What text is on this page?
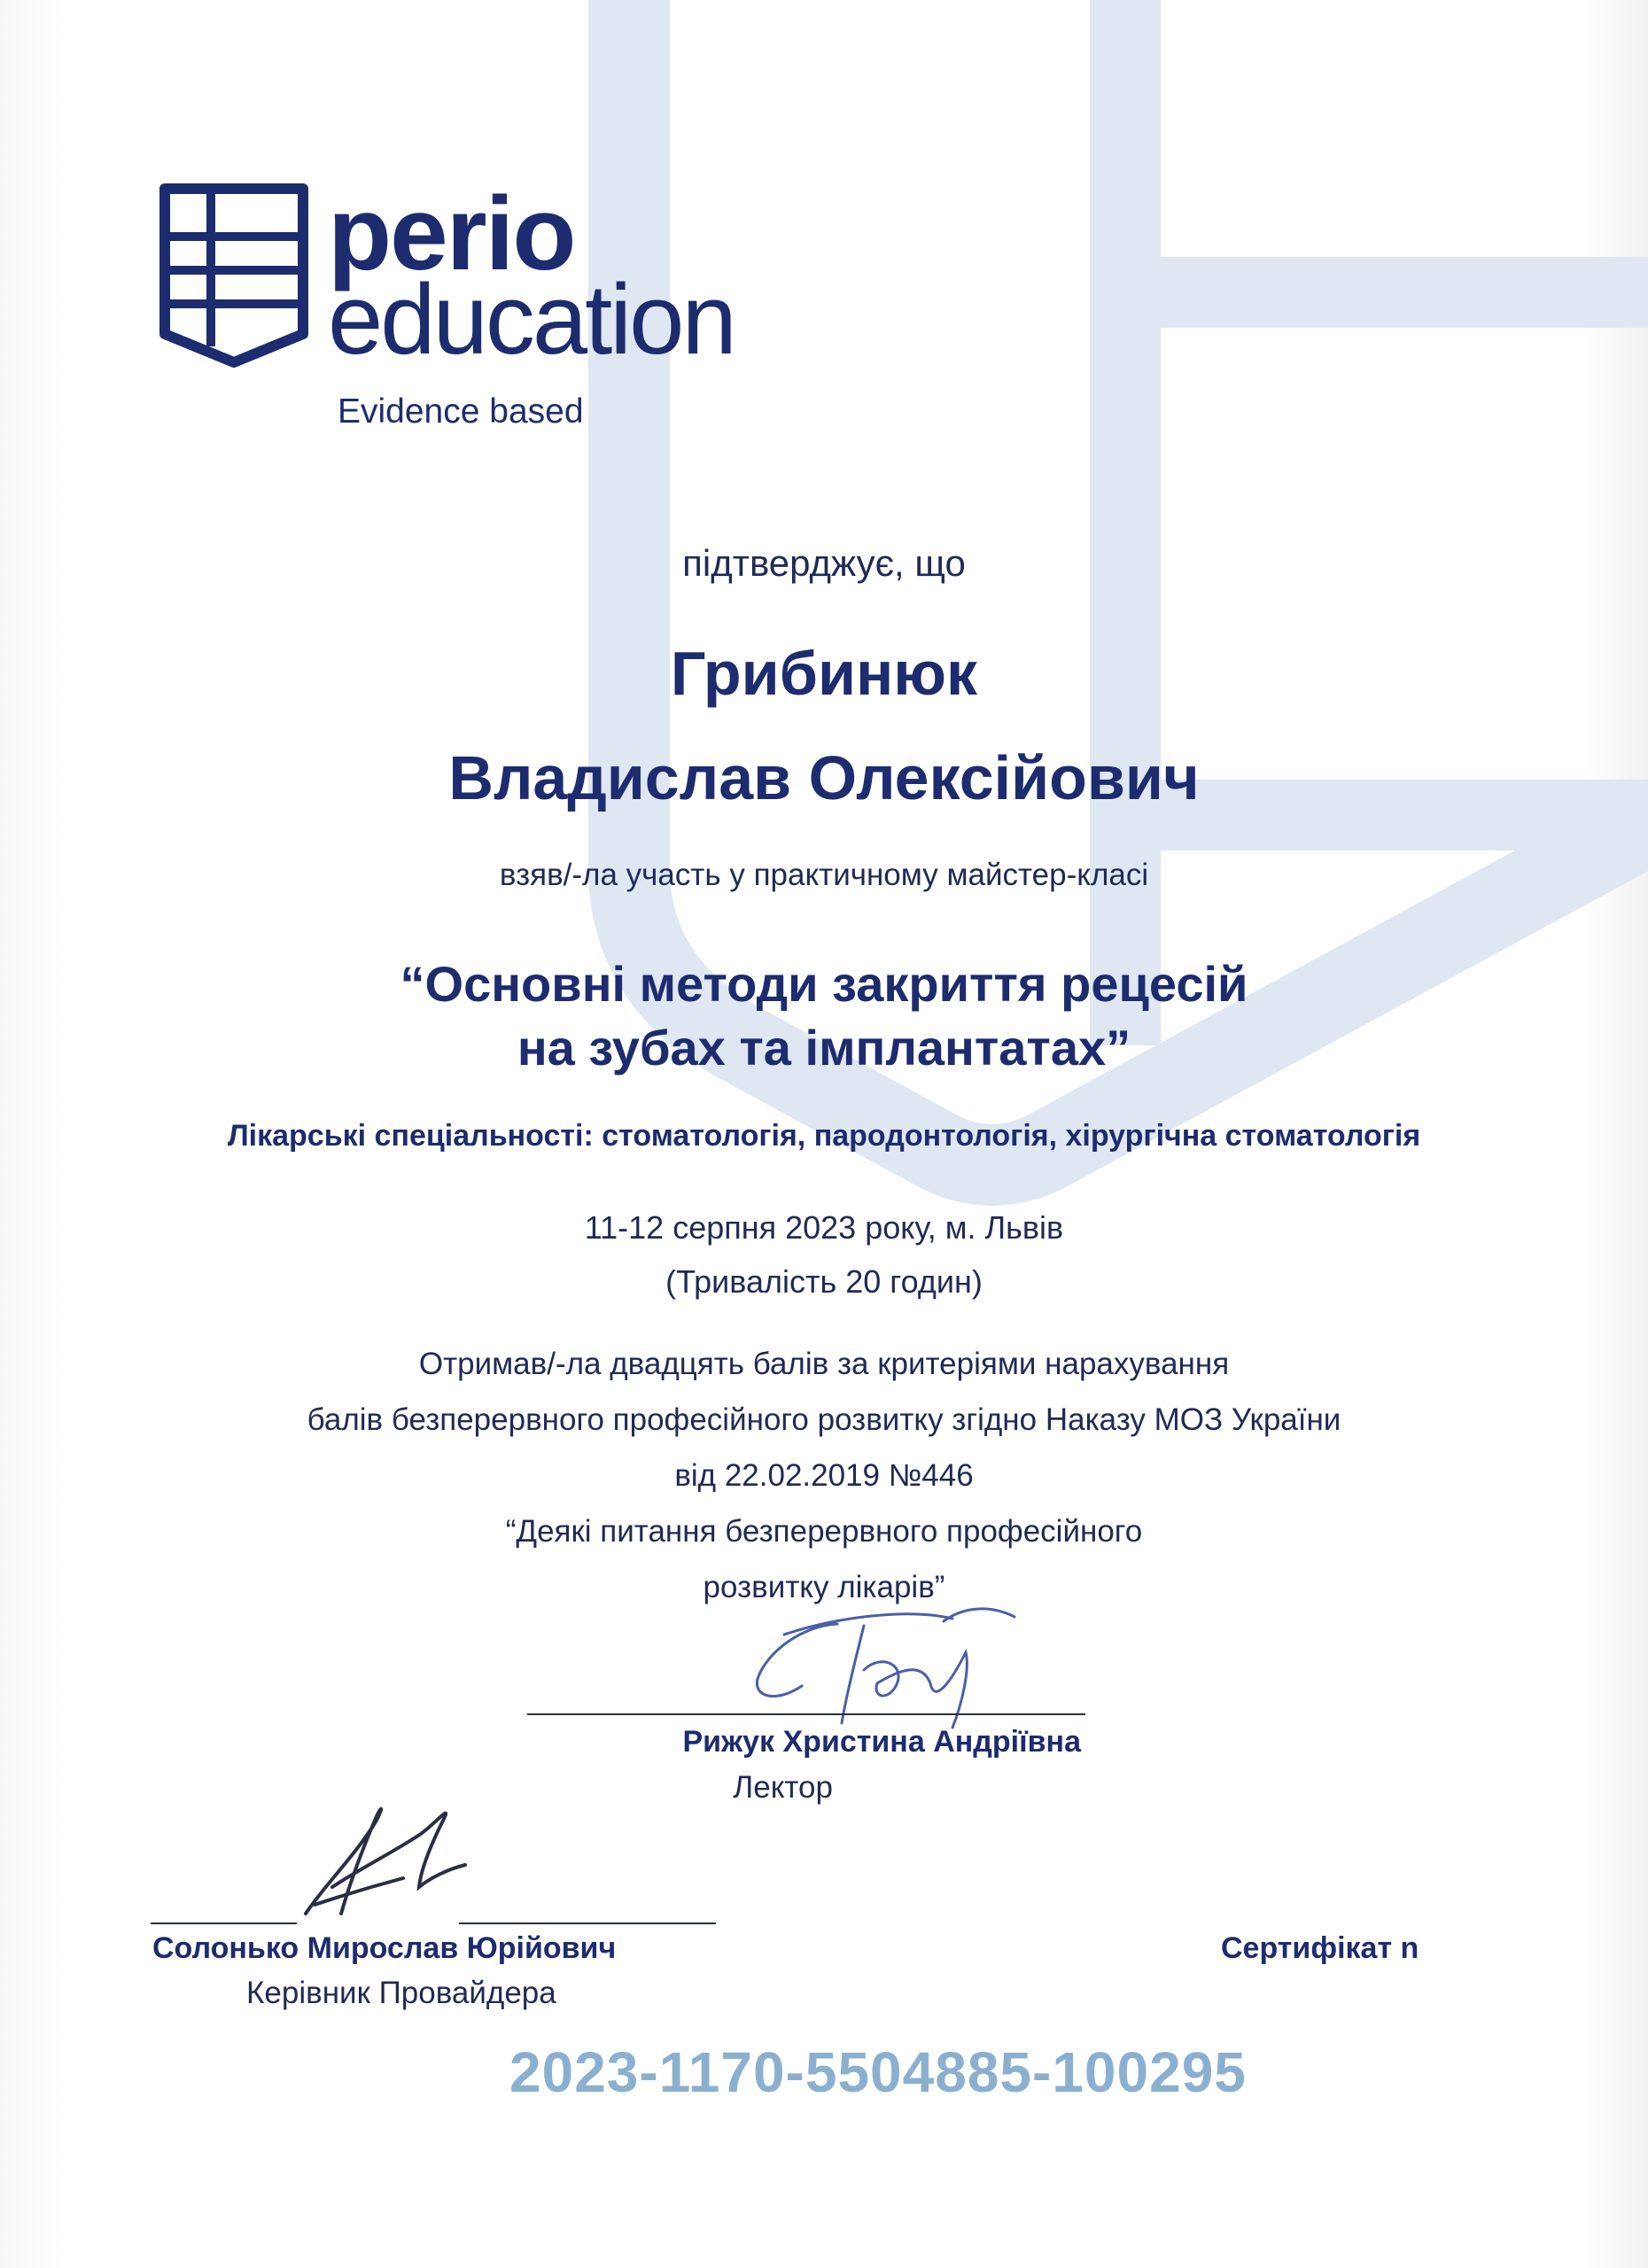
perio
education
Evidence based
підтверджує, що
Грибинюк
Владислав Олексійович
взяв/-ла участь у практичному майстер-класі
“Основні методи закриття рецесій
на зубах та імплантатах”
Лікарські спеціальності: стоматологія, пародонтологія, хірургічна стоматологія
11-12 серпня 2023 року, м. Львів
(Тривалість 20 годин)
Отримав/-ла двадцять балів за критеріями нарахування
балів безперервного професійного розвитку згідно Наказу МОЗ України
від 22.02.2019 №446
“Деякі питання безперервного професійного
розвитку лікарів”
Рижук Христина Андріївна
Лектор
Солонько Мирослав Юрійович
Керівник Провайдера
Сертифікат n
2023-1170-5504885-100295
